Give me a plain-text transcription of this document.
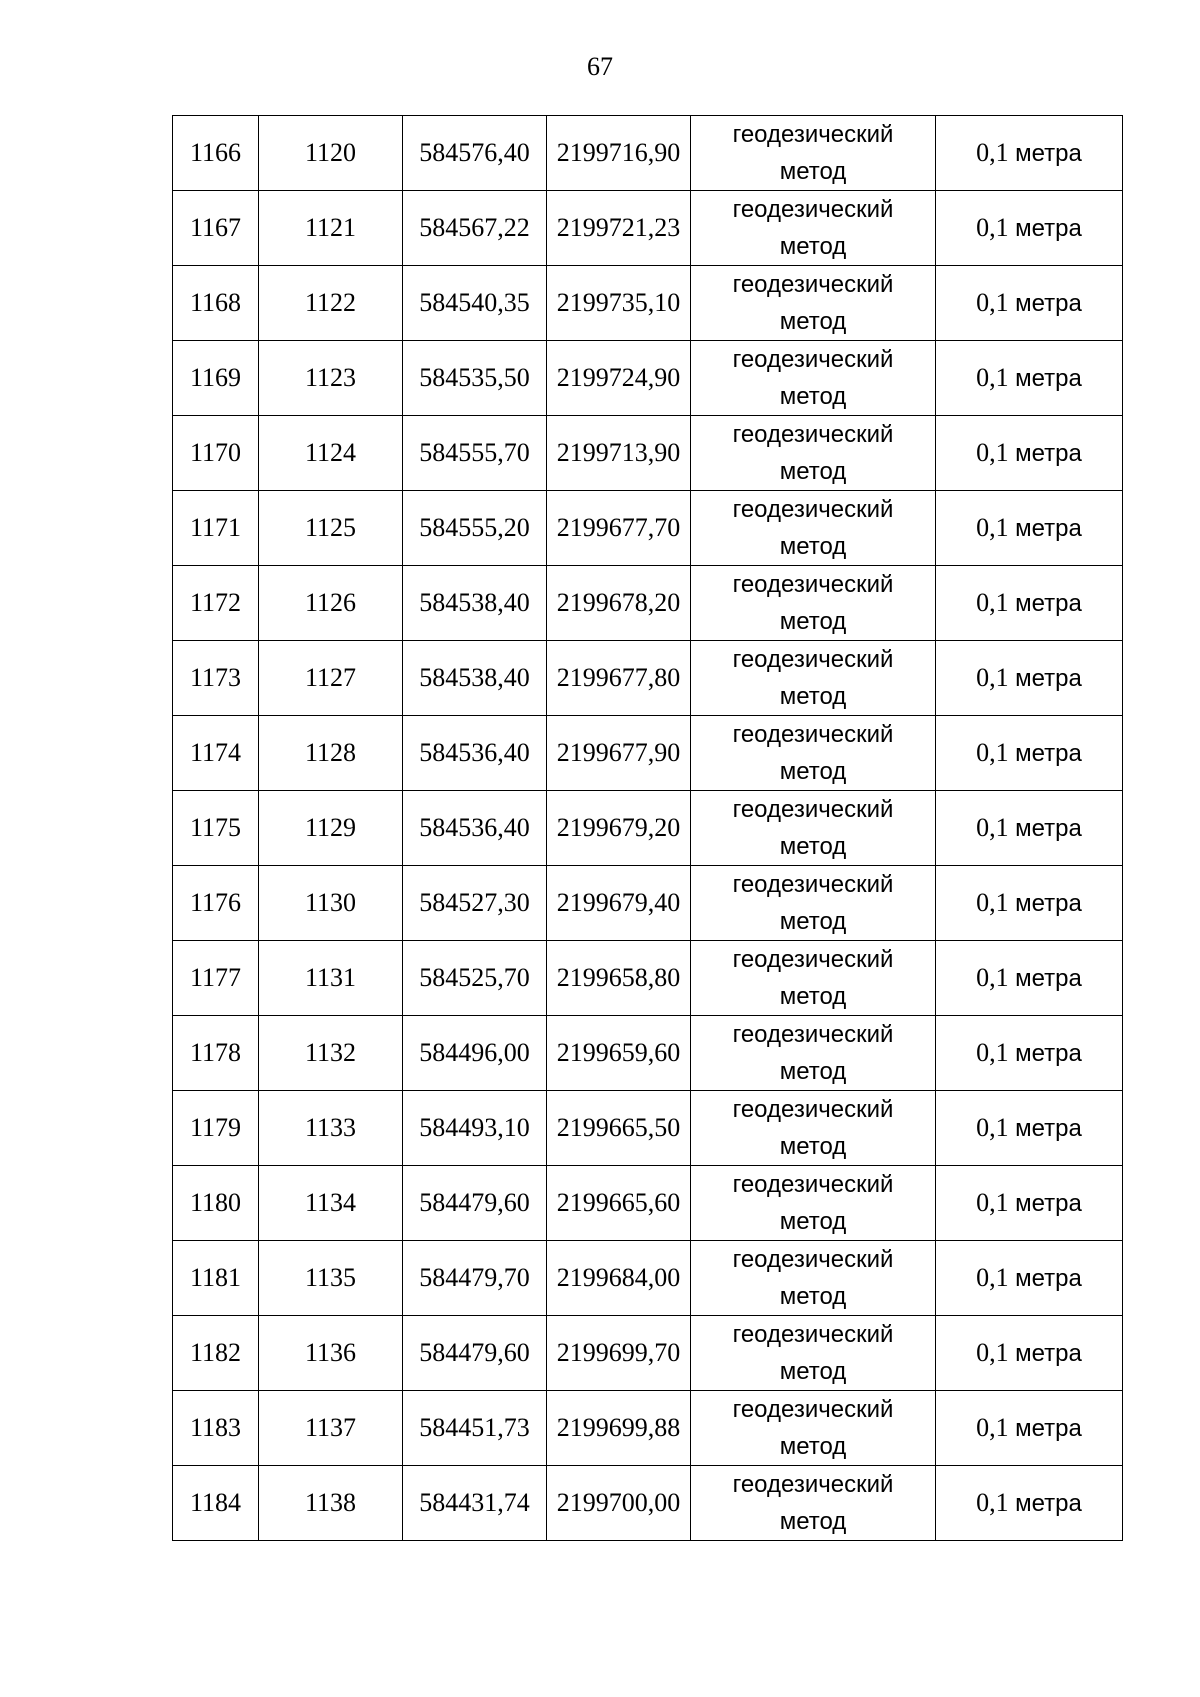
67
1166	1120	584576,40	2199716,90	геодезический
метод	0,1 метра
1167	1121	584567,22	2199721,23	геодезический
метод	0,1 метра
1168	1122	584540,35	2199735,10	геодезический
метод	0,1 метра
1169	1123	584535,50	2199724,90	геодезический
метод	0,1 метра
1170	1124	584555,70	2199713,90	геодезический
метод	0,1 метра
1171	1125	584555,20	2199677,70	геодезический
метод	0,1 метра
1172	1126	584538,40	2199678,20	геодезический
метод	0,1 метра
1173	1127	584538,40	2199677,80	геодезический
метод	0,1 метра
1174	1128	584536,40	2199677,90	геодезический
метод	0,1 метра
1175	1129	584536,40	2199679,20	геодезический
метод	0,1 метра
1176	1130	584527,30	2199679,40	геодезический
метод	0,1 метра
1177	1131	584525,70	2199658,80	геодезический
метод	0,1 метра
1178	1132	584496,00	2199659,60	геодезический
метод	0,1 метра
1179	1133	584493,10	2199665,50	геодезический
метод	0,1 метра
1180	1134	584479,60	2199665,60	геодезический
метод	0,1 метра
1181	1135	584479,70	2199684,00	геодезический
метод	0,1 метра
1182	1136	584479,60	2199699,70	геодезический
метод	0,1 метра
1183	1137	584451,73	2199699,88	геодезический
метод	0,1 метра
1184	1138	584431,74	2199700,00	геодезический
метод	0,1 метра
